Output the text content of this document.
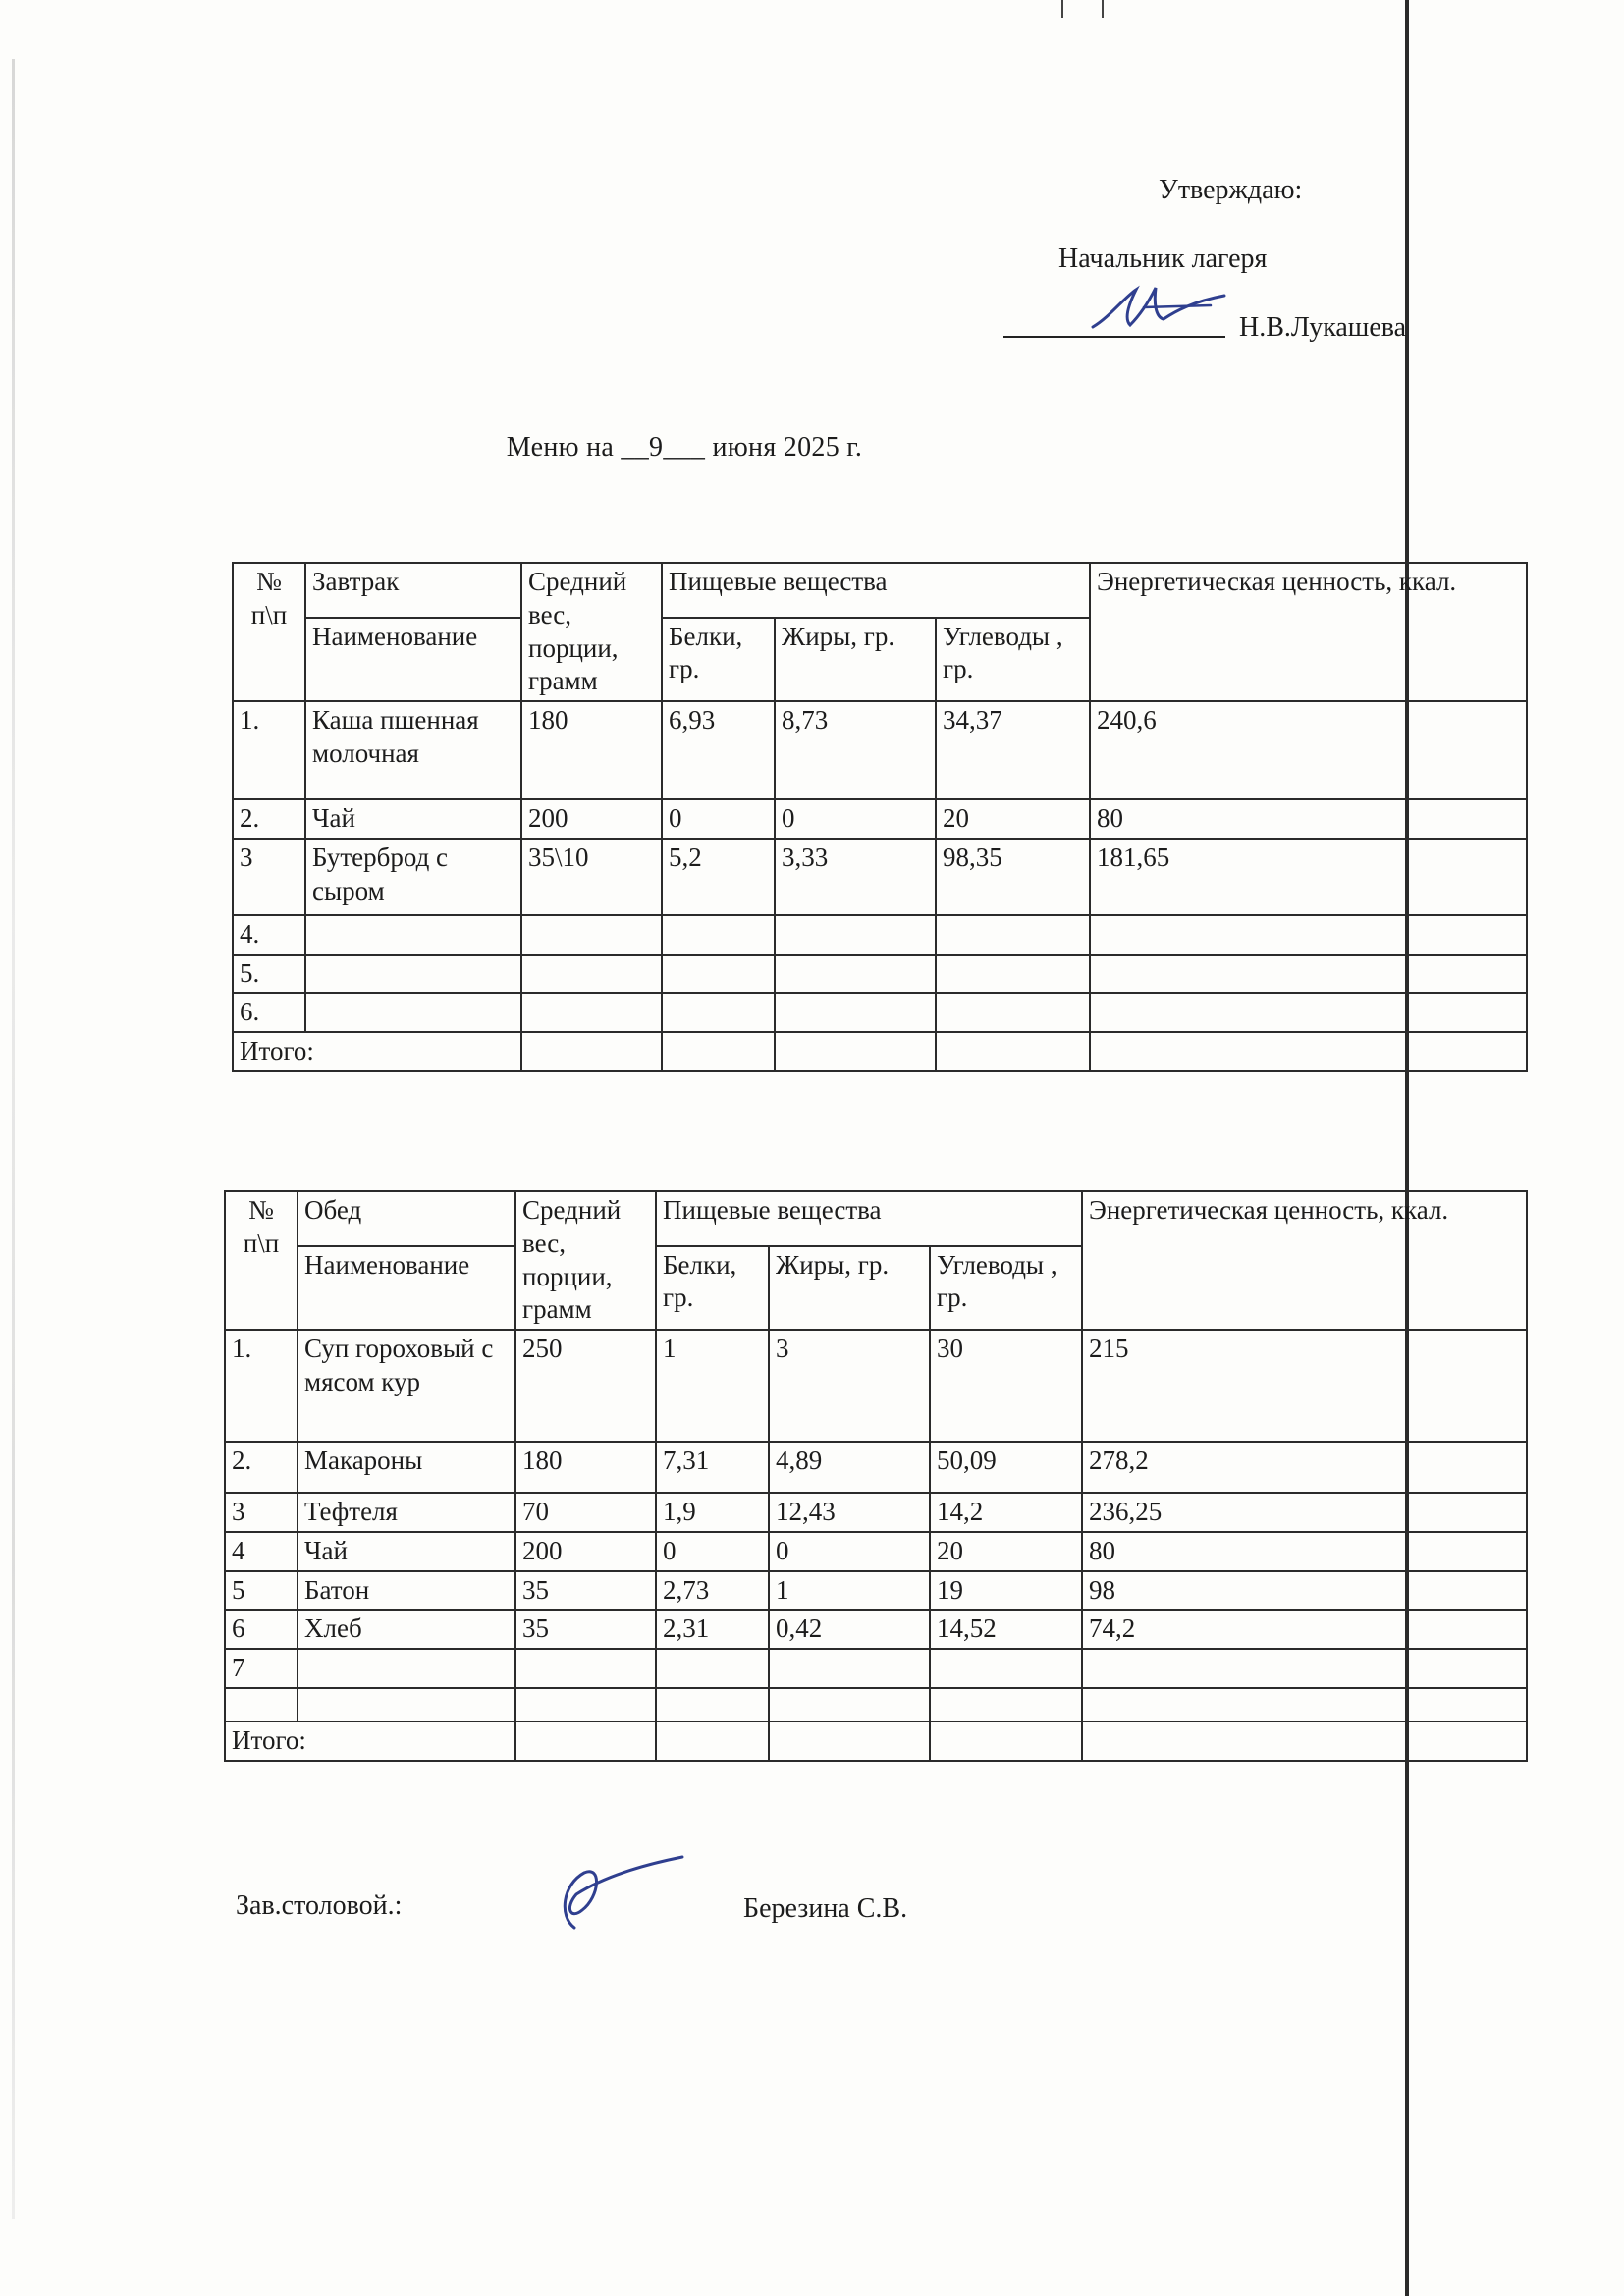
Утверждаю:
Начальник лагеря
Н.В.Лукашева
Меню на __9___ июня 2025 г.
№ п\п	Завтрак	Средний вес, порции, грамм	Пищевые вещества			Энергетическая ценность, ккал.
	Наименование		Белки, гр.	Жиры, гр.	Углеводы , гр.	
1.	Каша пшенная молочная	180	6,93	8,73	34,37	240,6
2.	Чай	200	0	0	20	80
3	Бутерброд с сыром	35\10	5,2	3,33	98,35	181,65
4.						
5.						
6.						
Итого:						
№ п\п	Обед	Средний вес, порции, грамм	Пищевые вещества			Энергетическая ценность, ккал.
	Наименование		Белки, гр.	Жиры, гр.	Углеводы , гр.	
1.	Суп гороховый с мясом кур	250	1	3	30	215
2.	Макароны	180	7,31	4,89	50,09	278,2
3	Тефтеля	70	1,9	12,43	14,2	236,25
4	Чай	200	0	0	20	80
5	Батон	35	2,73	1	19	98
6	Хлеб	35	2,31	0,42	14,52	74,2
7						

Итого:						
Зав.столовой.:	Березина С.В.
